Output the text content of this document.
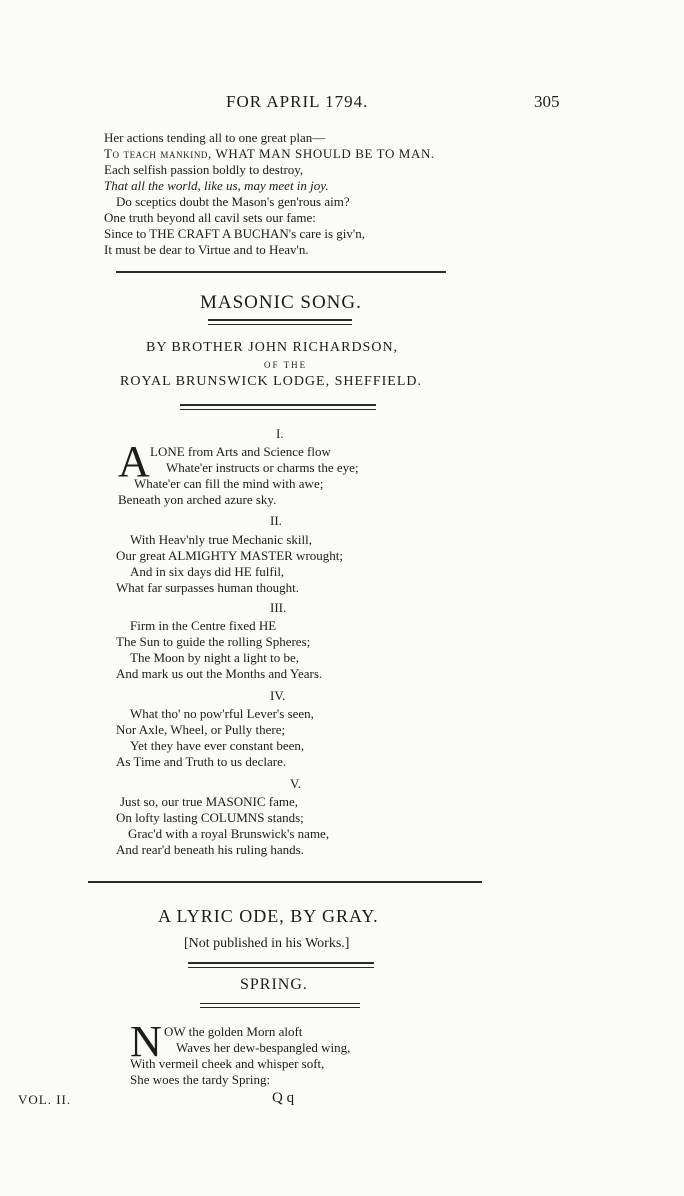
FOR APRIL 1794.	305
Her actions tending all to one great plan—
To teach mankind, WHAT MAN SHOULD BE TO MAN.
Each selfish passion boldly to destroy,
That all the world, like us, may meet in joy.
Do sceptics doubt the Mason's gen'rous aim?
One truth beyond all cavil sets our fame:
Since to THE CRAFT A BUCHAN's care is giv'n,
It must be dear to Virtue and to Heav'n.
MASONIC SONG.
BY BROTHER JOHN RICHARDSON,
OF THE
ROYAL BRUNSWICK LODGE, SHEFFIELD.
I.
A LONE from Arts and Science flow
Whate'er instructs or charms the eye;
Whate'er can fill the mind with awe;
Beneath yon arched azure sky.
II.
With Heav'nly true Mechanic skill,
Our great ALMIGHTY MASTER wrought;
And in six days did HE fulfil,
What far surpasses human thought.
III.
Firm in the Centre fixed HE
The Sun to guide the rolling Spheres;
The Moon by night a light to be,
And mark us out the Months and Years.
IV.
What tho' no pow'rful Lever's seen,
Nor Axle, Wheel, or Pully there;
Yet they have ever constant been,
As Time and Truth to us declare.
V.
Just so, our true MASONIC fame,
On lofty lasting COLUMNS stands;
Grac'd with a royal Brunswick's name,
And rear'd beneath his ruling hands.
A LYRIC ODE, BY GRAY.
[Not published in his Works.]
SPRING.
N OW the golden Morn aloft
Waves her dew-bespangled wing,
With vermeil cheek and whisper soft,
She woes the tardy Spring:
VOL. II.	Q q
